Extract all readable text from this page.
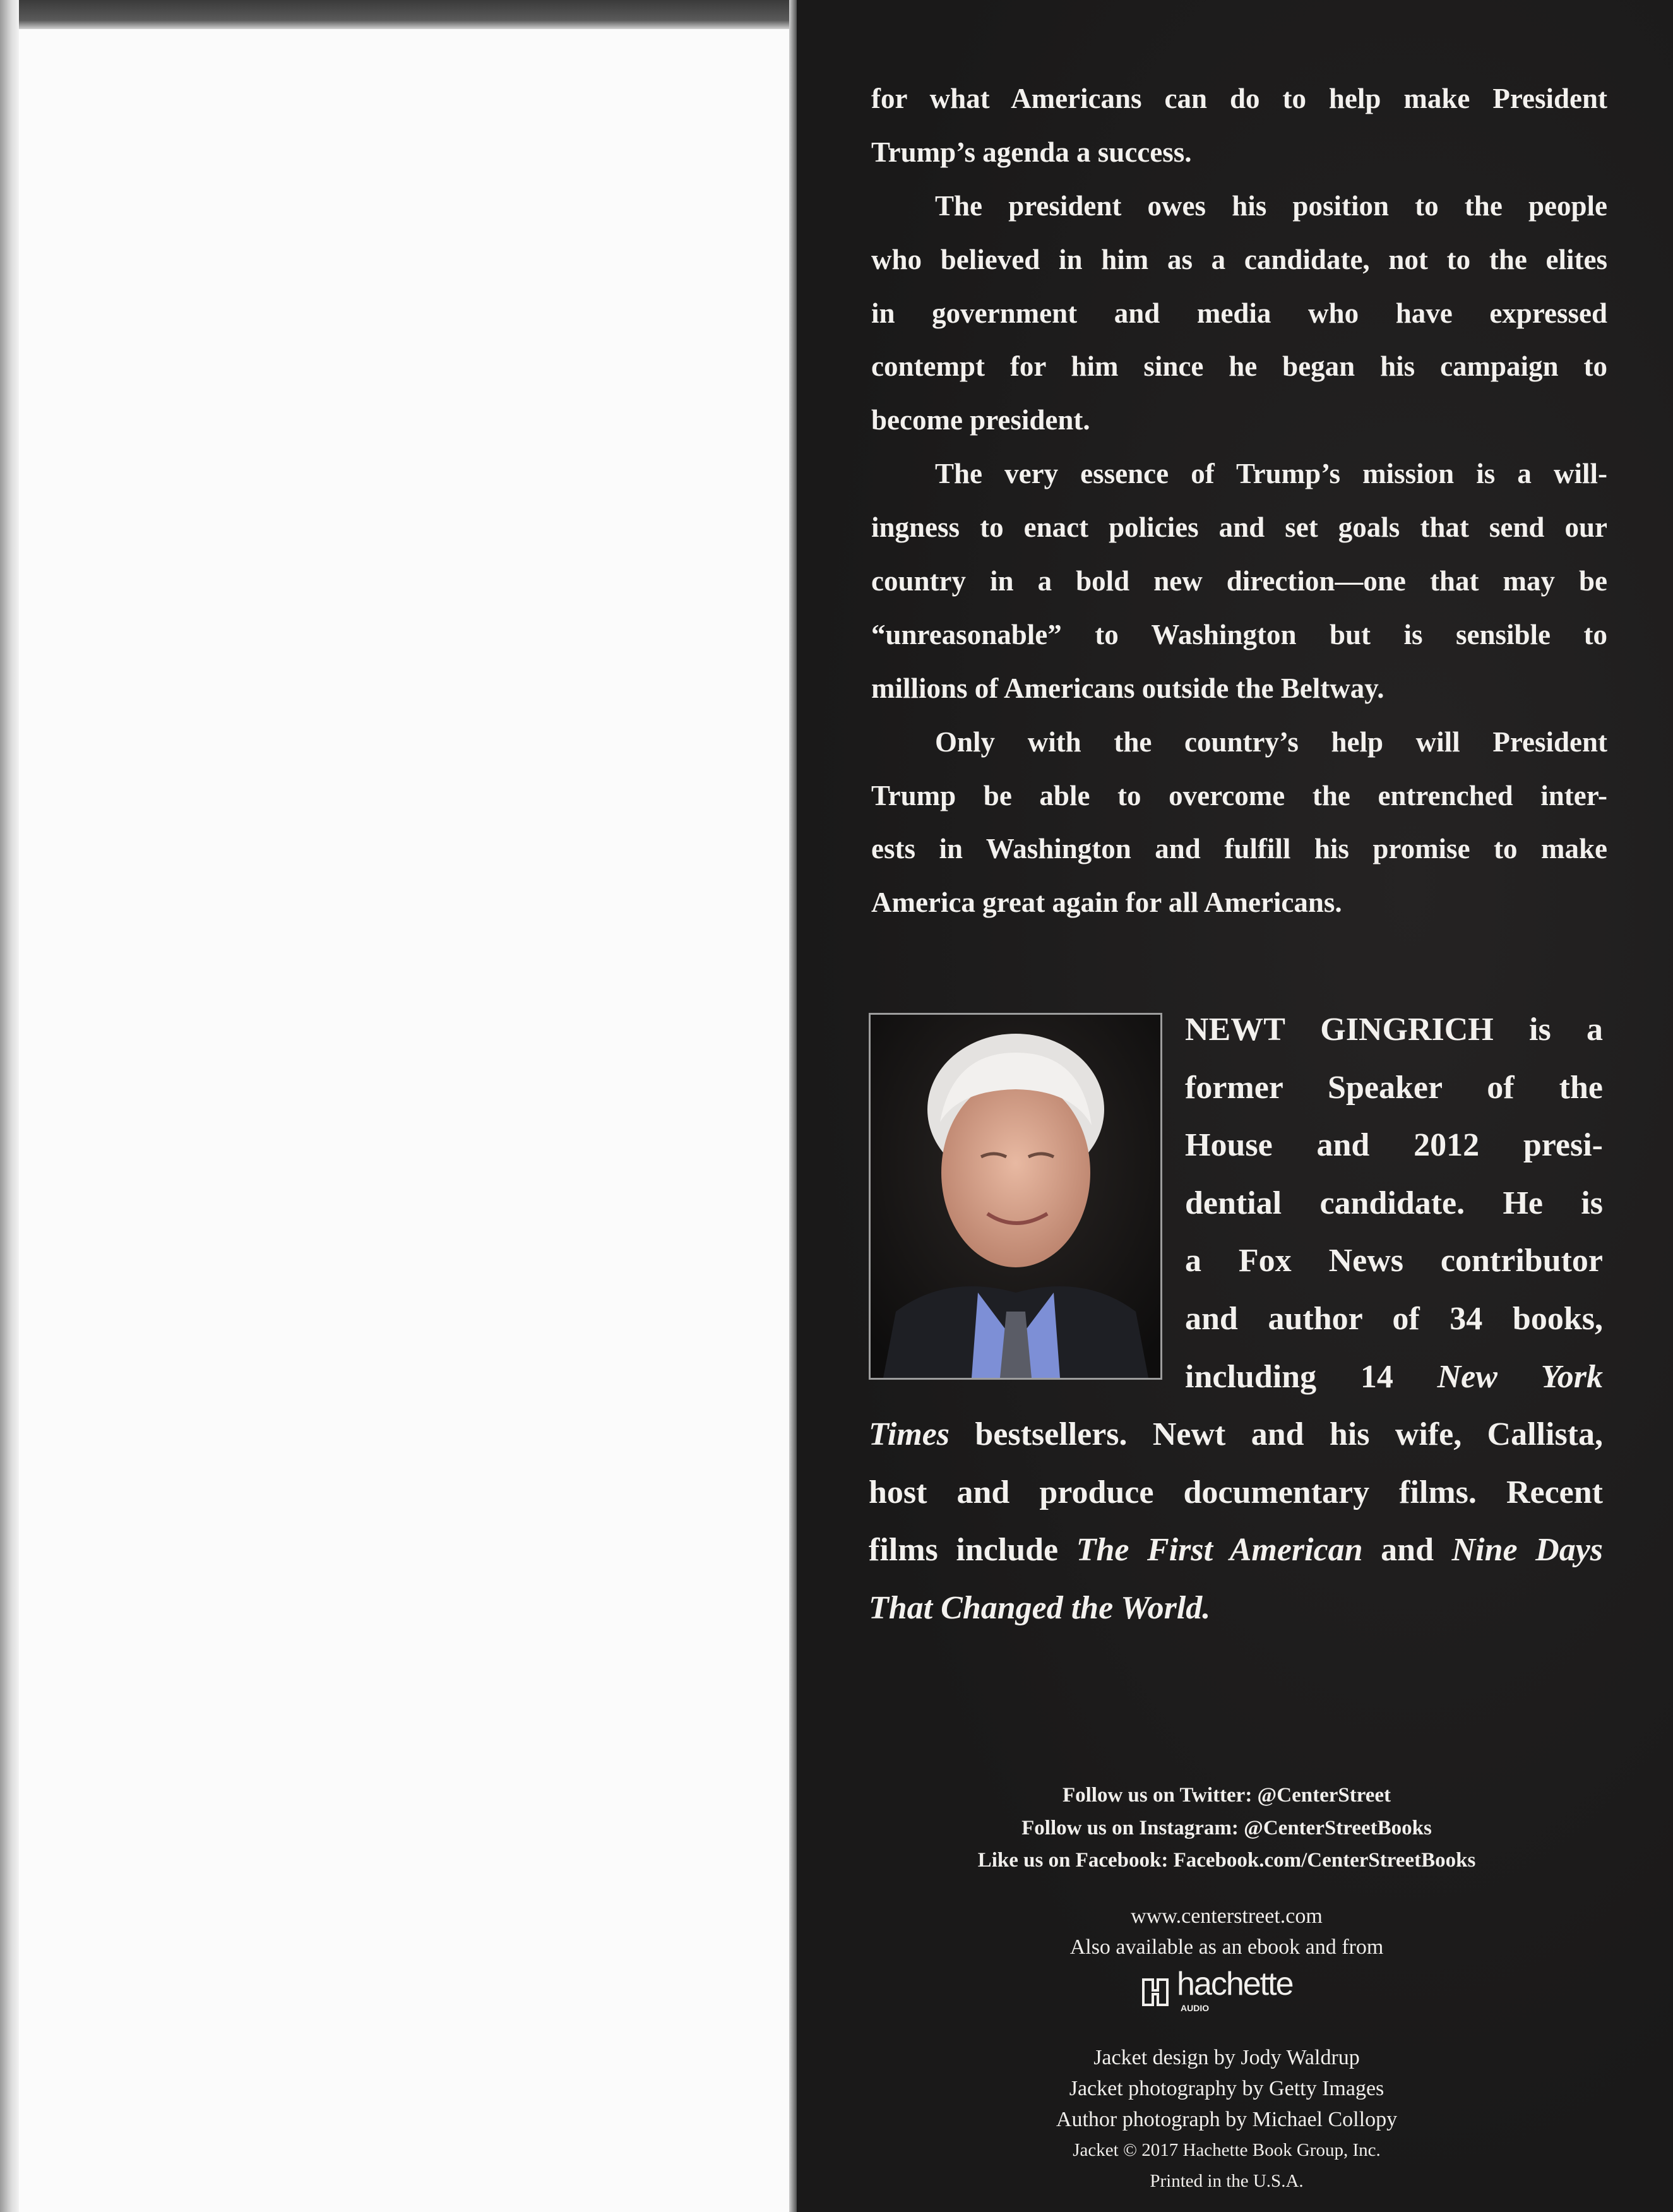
for what Americans can do to help make President
Trump’s agenda a success.
The president owes his position to the people
who believed in him as a candidate, not to the elites
in government and media who have expressed
contempt for him since he began his campaign to
become president.
The very essence of Trump’s mission is a will-
ingness to enact policies and set goals that send our
country in a bold new direction—one that may be
“unreasonable” to Washington but is sensible to
millions of Americans outside the Beltway.
Only with the country’s help will President
Trump be able to overcome the entrenched inter-
ests in Washington and fulfill his promise to make
America great again for all Americans.
NEWT GINGRICH is a
former Speaker of the
House and 2012 presi-
dential candidate. He is
a Fox News contributor
and author of 34 books,
including 14 New York
Times bestsellers. Newt and his wife, Callista,
host and produce documentary films. Recent
films include The First American and Nine Days
That Changed the World.
Follow us on Twitter: @CenterStreet
Follow us on Instagram: @CenterStreetBooks
Like us on Facebook: Facebook.com/CenterStreetBooks
www.centerstreet.com
Also available as an ebook and from
hachette
AUDIO
Jacket design by Jody Waldrup
Jacket photography by Getty Images
Author photograph by Michael Collopy
Jacket © 2017 Hachette Book Group, Inc.
Printed in the U.S.A.
